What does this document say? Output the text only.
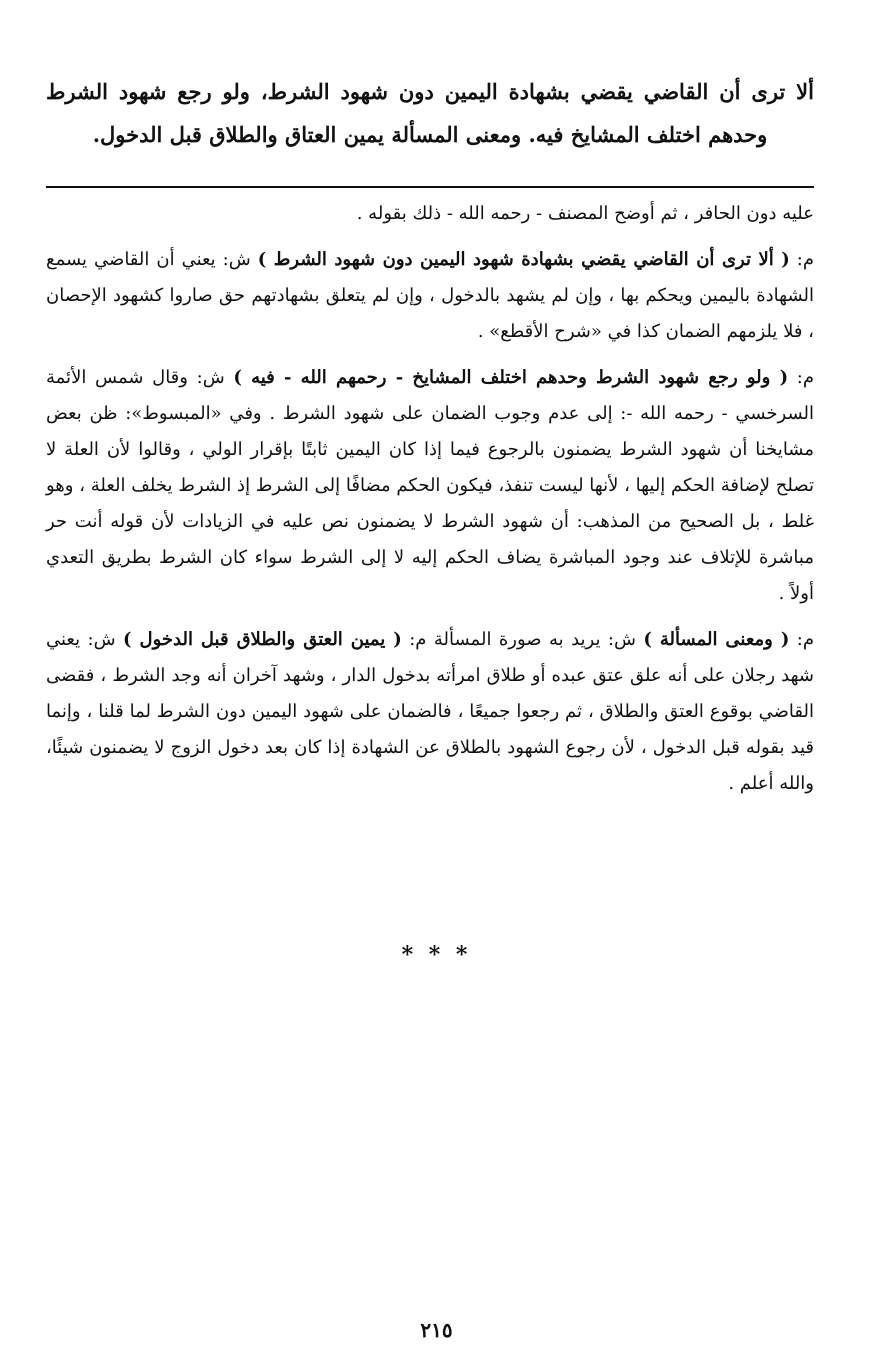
ألا ترى أن القاضي يقضي بشهادة اليمين دون شهود الشرط، ولو رجع شهود الشرط وحدهم اختلف المشايخ فيه. ومعنى المسألة يمين العتاق والطلاق قبل الدخول.

عليه دون الحافر ، ثم أوضح المصنف - رحمه الله - ذلك بقوله .

م: ( ألا ترى أن القاضي يقضي بشهادة شهود اليمين دون شهود الشرط ) ش: يعني أن القاضي يسمع الشهادة باليمين ويحكم بها ، وإن لم يشهد بالدخول ، وإن لم يتعلق بشهادتهم حق صاروا كشهود الإحصان ، فلا يلزمهم الضمان كذا في «شرح الأقطع» .

م: ( ولو رجع شهود الشرط وحدهم اختلف المشايخ - رحمهم الله - فيه ) ش: وقال شمس الأئمة السرخسي - رحمه الله -: إلى عدم وجوب الضمان على شهود الشرط . وفي «المبسوط»: ظن بعض مشايخنا أن شهود الشرط يضمنون بالرجوع فيما إذا كان اليمين ثابتًا بإقرار الولي ، وقالوا لأن العلة لا تصلح لإضافة الحكم إليها ، لأنها ليست تنفذ، فيكون الحكم مضافًا إلى الشرط إذ الشرط يخلف العلة ، وهو غلط ، بل الصحيح من المذهب: أن شهود الشرط لا يضمنون نص عليه في الزيادات لأن قوله أنت حر مباشرة للإتلاف عند وجود المباشرة يضاف الحكم إليه لا إلى الشرط سواء كان الشرط بطريق التعدي أولاً .

م: ( ومعنى المسألة ) ش: يريد به صورة المسألة م: ( يمين العتق والطلاق قبل الدخول ) ش: يعني شهد رجلان على أنه علق عتق عبده أو طلاق امرأته بدخول الدار ، وشهد آخران أنه وجد الشرط ، فقضى القاضي بوقوع العتق والطلاق ، ثم رجعوا جميعًا ، فالضمان على شهود اليمين دون الشرط لما قلنا ، وإنما قيد بقوله قبل الدخول ، لأن رجوع الشهود بالطلاق عن الشهادة إذا كان بعد دخول الزوج لا يضمنون شيئًا، والله أعلم .

* * *
٢١٥
